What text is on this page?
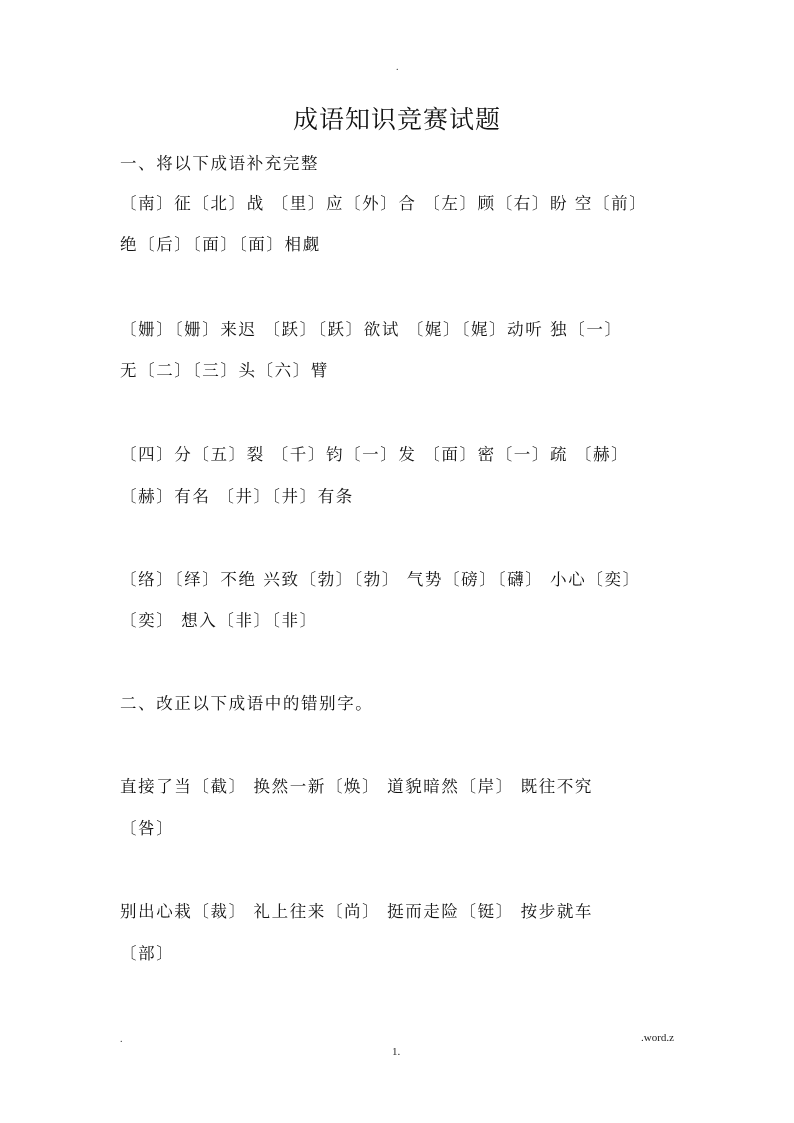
.
成语知识竞赛试题
一、将以下成语补充完整
〔南〕征〔北〕战 〔里〕应〔外〕合 〔左〕顾〔右〕盼 空〔前〕
绝〔后〕〔面〕〔面〕相觑
〔姗〕〔姗〕来迟 〔跃〕〔跃〕欲试 〔娓〕〔娓〕动听 独〔一〕
无〔二〕〔三〕头〔六〕臂
〔四〕分〔五〕裂 〔千〕钧〔一〕发 〔面〕密〔一〕疏 〔赫〕
〔赫〕有名 〔井〕〔井〕有条
〔络〕〔绎〕不绝 兴致〔勃〕〔勃〕 气势〔磅〕〔礴〕 小心〔奕〕
〔奕〕 想入〔非〕〔非〕
二、改正以下成语中的错别字。
直接了当〔截〕 换然一新〔焕〕 道貌暗然〔岸〕 既往不究
〔咎〕
别出心栽〔裁〕 礼上往来〔尚〕 挺而走险〔铤〕 按步就车
〔部〕
.	.word.z
1.
